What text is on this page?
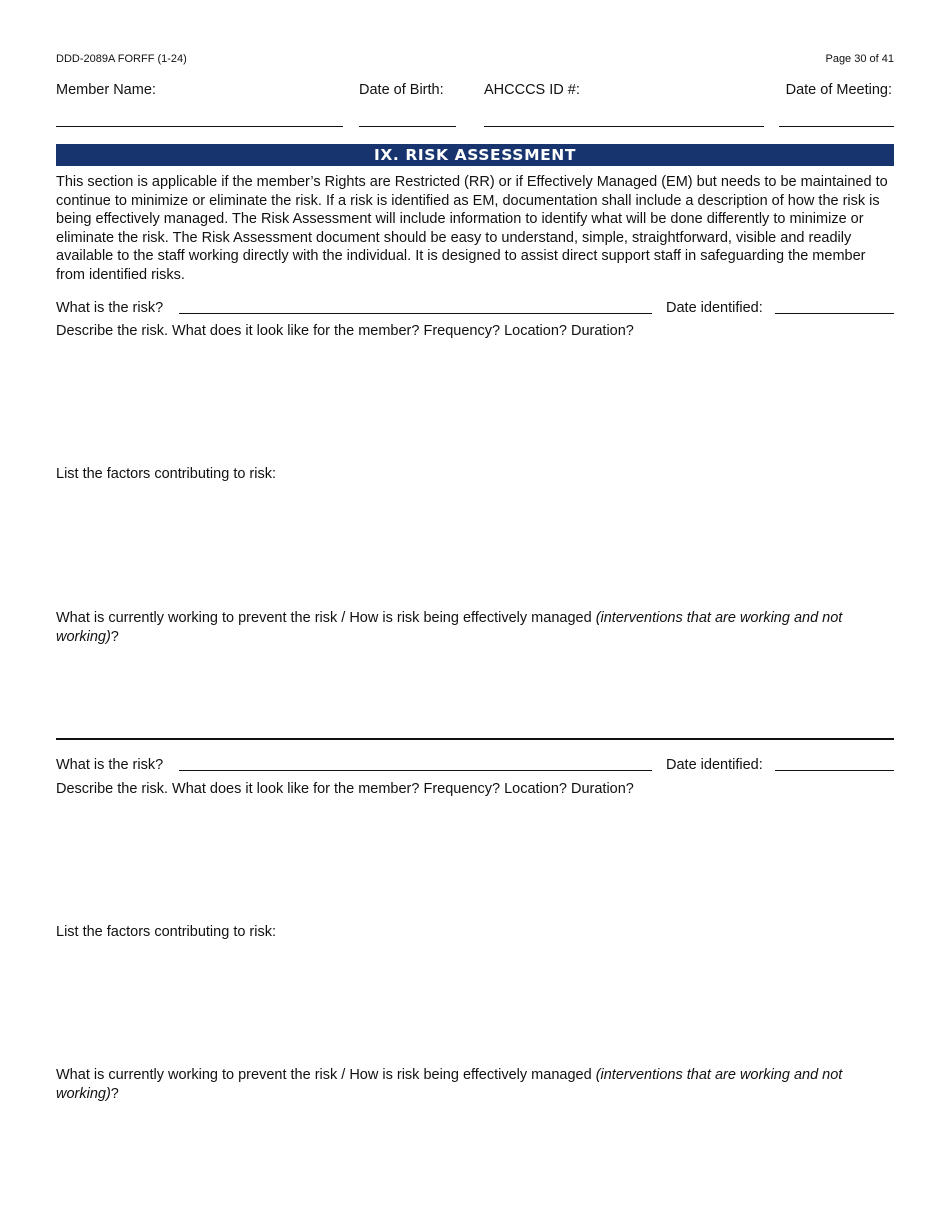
DDD-2089A FORFF (1-24)	Page 30 of 41
Member Name:	Date of Birth:	AHCCCS ID #:	Date of Meeting:
IX. RISK ASSESSMENT
This section is applicable if the member’s Rights are Restricted (RR) or if Effectively Managed (EM) but needs to be maintained to continue to minimize or eliminate the risk. If a risk is identified as EM, documentation shall include a description of how the risk is being effectively managed. The Risk Assessment will include information to identify what will be done differently to minimize or eliminate the risk. The Risk Assessment document should be easy to understand, simple, straightforward, visible and readily available to the staff working directly with the individual. It is designed to assist direct support staff in safeguarding the member from identified risks.
What is the risk?	Date identified:
Describe the risk. What does it look like for the member? Frequency? Location? Duration?
List the factors contributing to risk:
What is currently working to prevent the risk / How is risk being effectively managed (interventions that are working and not working)?
What is the risk?	Date identified:
Describe the risk. What does it look like for the member? Frequency? Location? Duration?
List the factors contributing to risk:
What is currently working to prevent the risk / How is risk being effectively managed (interventions that are working and not working)?
